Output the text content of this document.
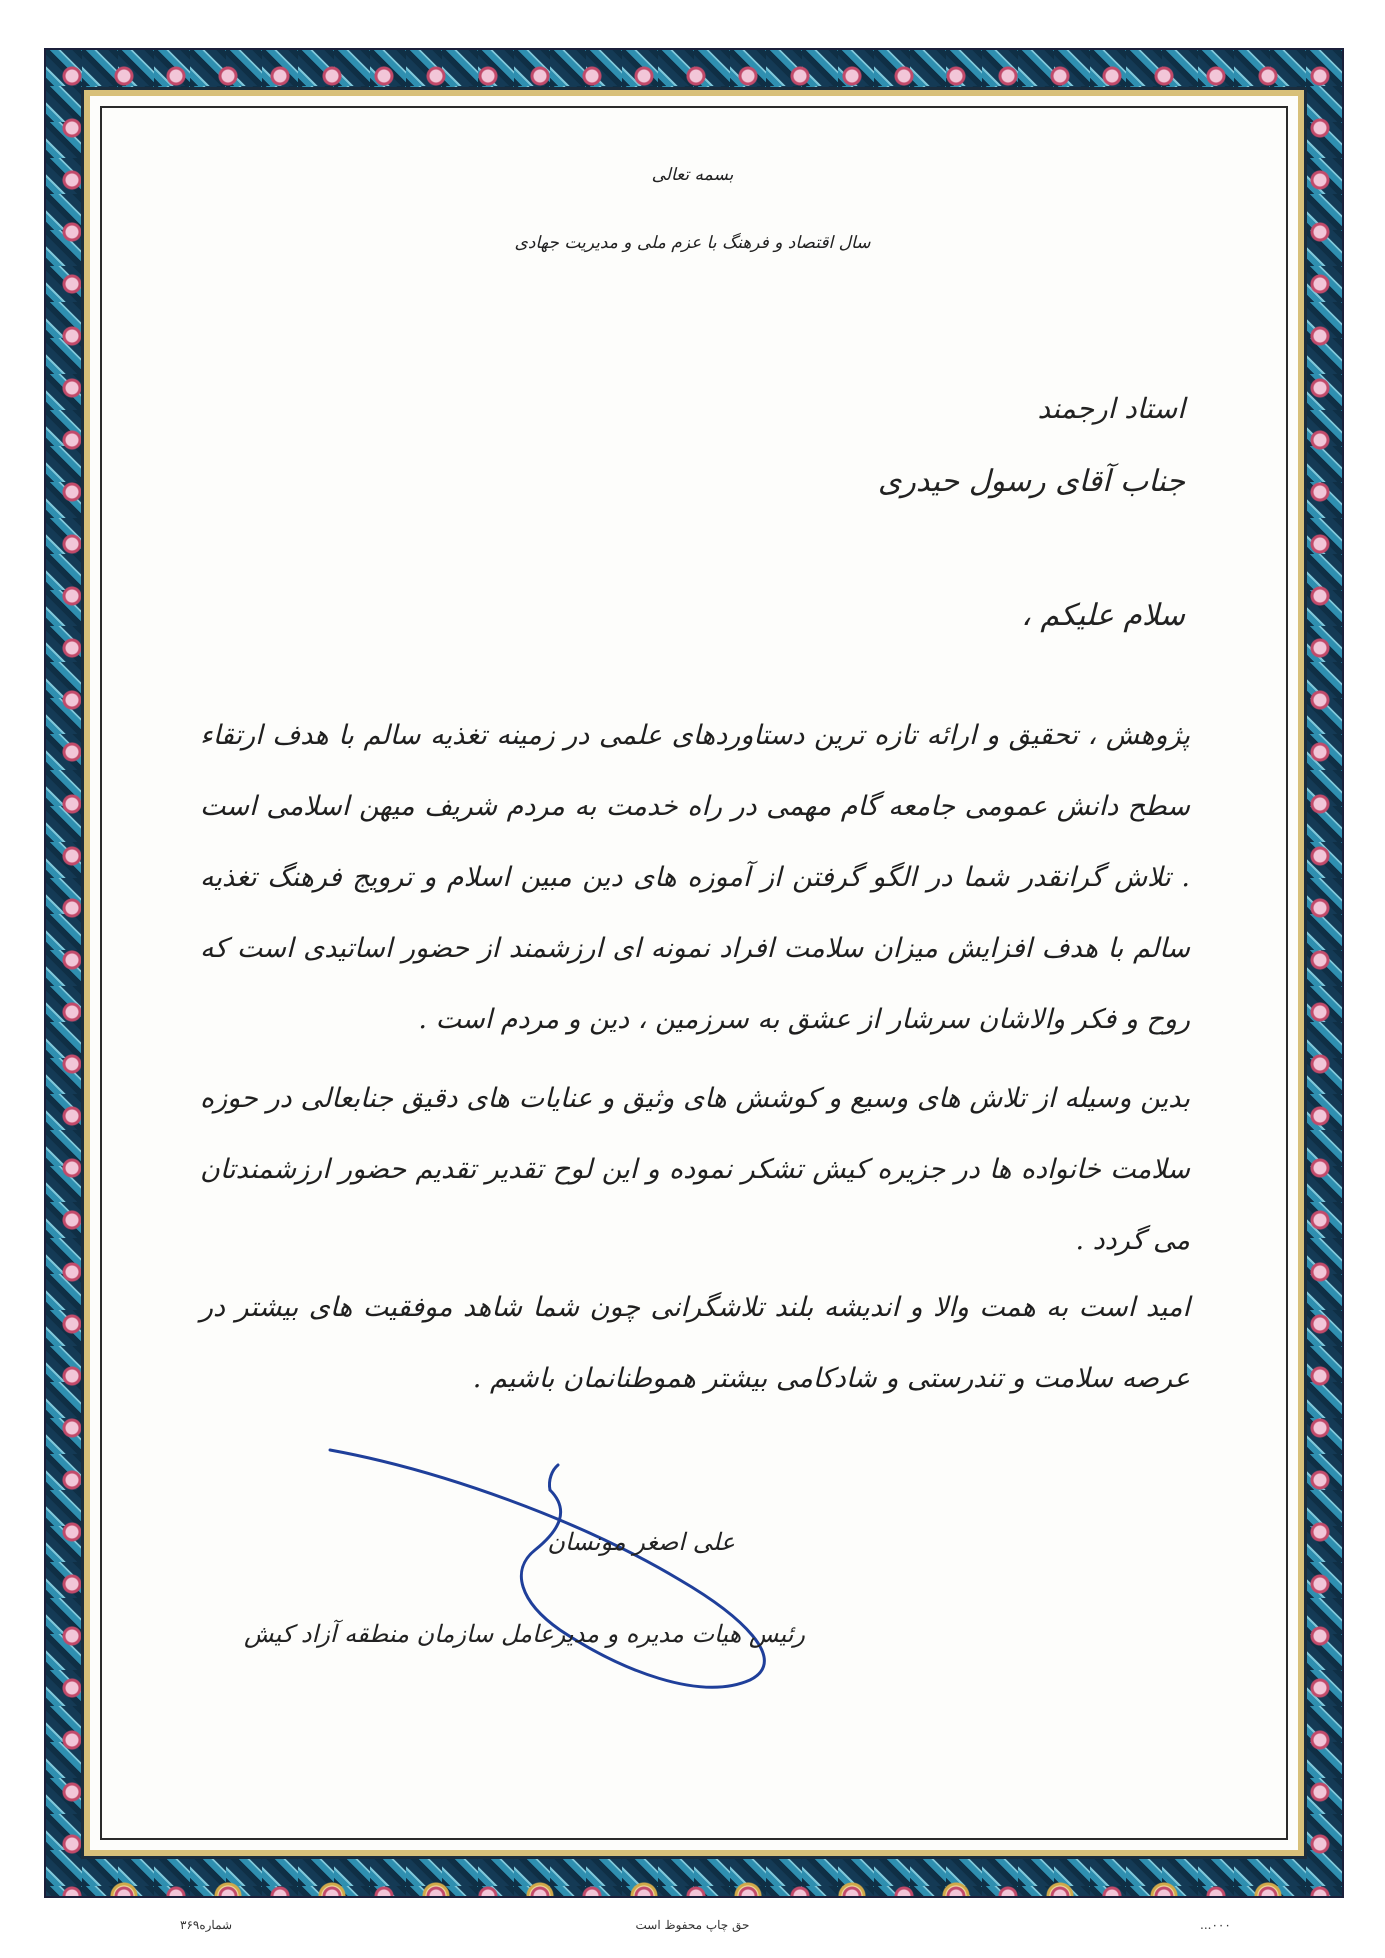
بسمه تعالی
سال اقتصاد و فرهنگ با عزم ملی و مدیریت جهادی
استاد ارجمند
جناب آقای رسول حیدری
سلام علیکم ،
پژوهش ، تحقیق و ارائه تازه ترین دستاوردهای علمی در زمینه تغذیه سالم با هدف ارتقاء سطح دانش عمومی جامعه گام مهمی در راه خدمت به مردم شریف میهن اسلامی است . تلاش گرانقدر شما در الگو گرفتن از آموزه های دین مبین اسلام و ترویج فرهنگ تغذیه سالم با هدف افزایش میزان سلامت افراد نمونه ای ارزشمند از حضور اساتیدی است که روح و فکر والاشان سرشار از عشق به سرزمین ، دین و مردم است .
بدین وسیله از تلاش های وسیع و کوشش های وثیق و عنایات های دقیق جنابعالی در حوزه سلامت خانواده ها در جزیره کیش تشکر نموده و این لوح تقدیر تقدیم حضور ارزشمندتان می گردد .
امید است به همت والا و اندیشه بلند تلاشگرانی چون شما شاهد موفقیت های بیشتر در عرصه سلامت و تندرستی و شادکامی بیشتر هموطنانمان باشیم .
علی اصغر مونسان
رئیس هیات مدیره و مدیرعامل سازمان منطقه آزاد کیش
شماره۳۶۹	حق چاپ محفوظ است	۰۰۰...
